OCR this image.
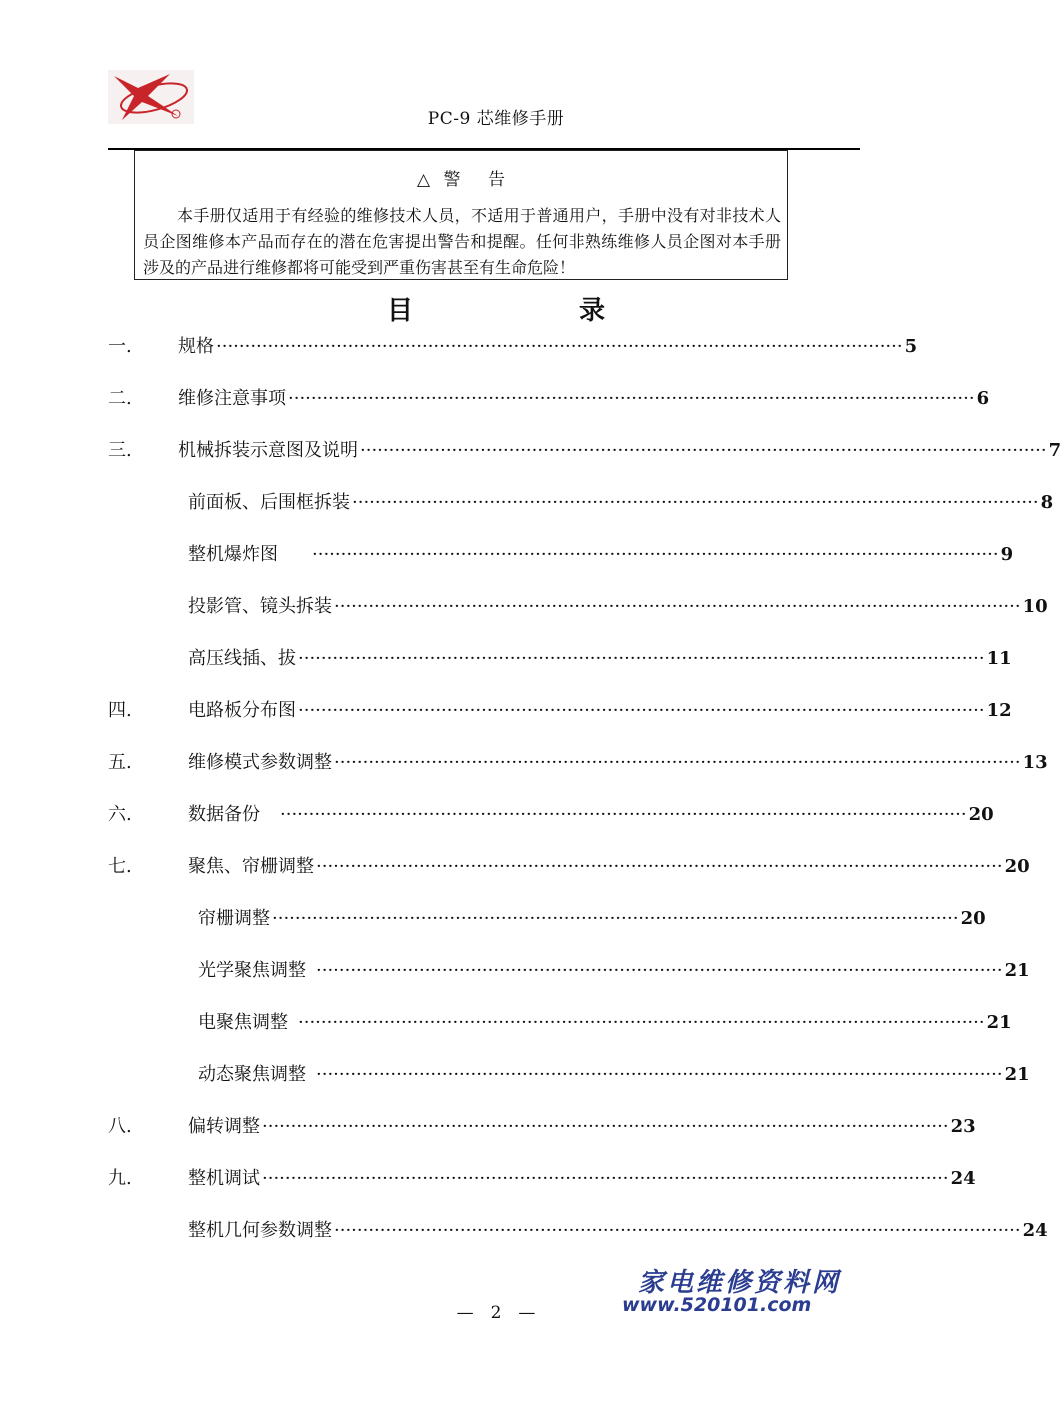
PC-9 芯维修手册
△ 警 告
本手册仅适用于有经验的维修技术人员，不适用于普通用户，手册中没有对非技术人员企图维修本产品而存在的潜在危害提出警告和提醒。任何非熟练维修人员企图对本手册涉及的产品进行维修都将可能受到严重伤害甚至有生命危险！
目　录
一.	规格 ························································································································ 5
二.	维修注意事项 ························································································································ 6
三.	机械拆装示意图及说明 ························································································································ 7
前面板、后围框拆装 ························································································································ 8
整机爆炸图 ························································································································ 9
投影管、镜头拆装 ························································································································ 10
高压线插、拔 ························································································································ 11
四.	电路板分布图 ························································································································ 12
五.	维修模式参数调整 ························································································································ 13
六.	数据备份 ························································································································ 20
七.	聚焦、帘栅调整 ························································································································ 20
帘栅调整 ························································································································ 20
光学聚焦调整 ························································································································ 21
电聚焦调整 ························································································································ 21
动态聚焦调整 ························································································································ 21
八.	偏转调整 ························································································································ 23
九.	整机调试 ························································································································ 24
整机几何参数调整 ························································································································ 24
家电维修资料网
www.520101.com
—　2　—
